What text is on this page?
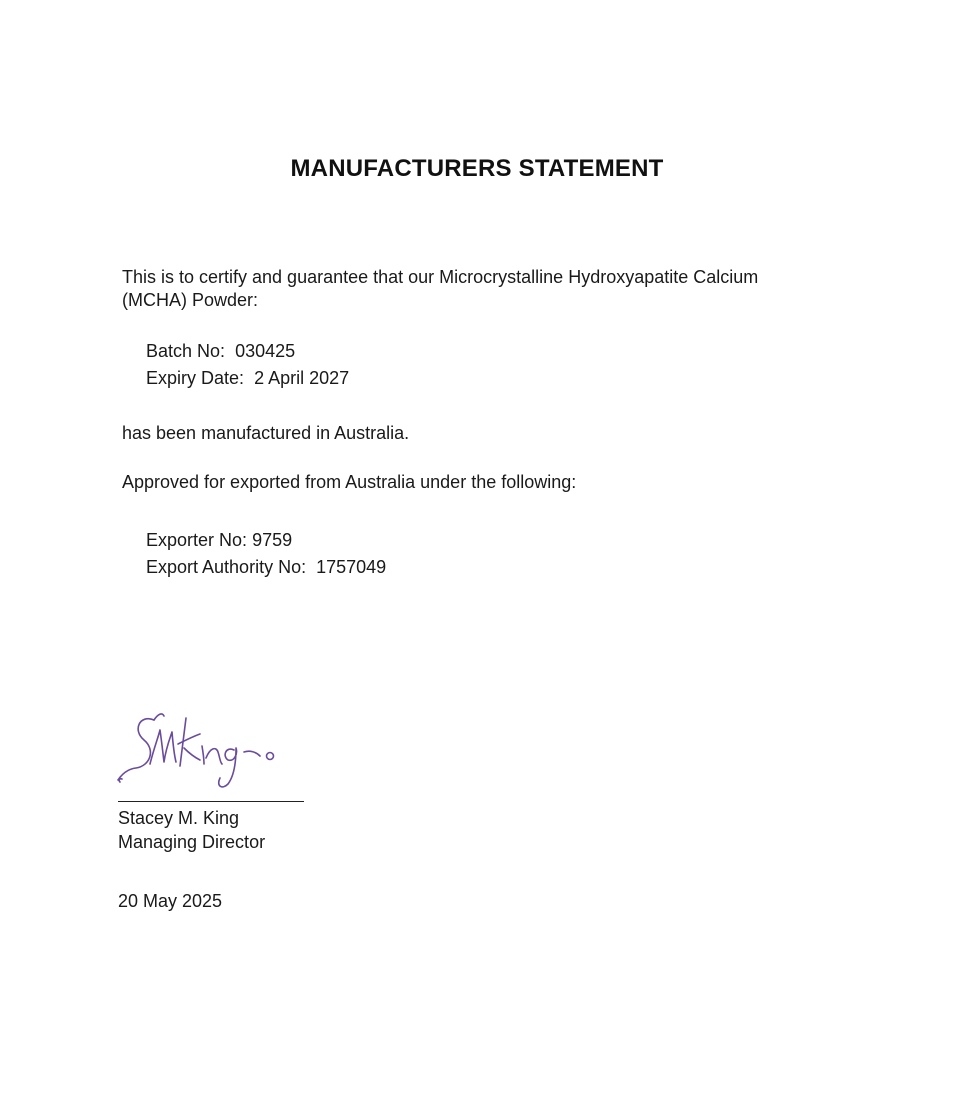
MANUFACTURERS STATEMENT
This is to certify and guarantee that our Microcrystalline Hydroxyapatite Calcium
(MCHA) Powder:
Batch No: 030425
Expiry Date: 2 April 2027
has been manufactured in Australia.
Approved for exported from Australia under the following:
Exporter No: 9759
Export Authority No: 1757049
Stacey M. King
Managing Director
20 May 2025
